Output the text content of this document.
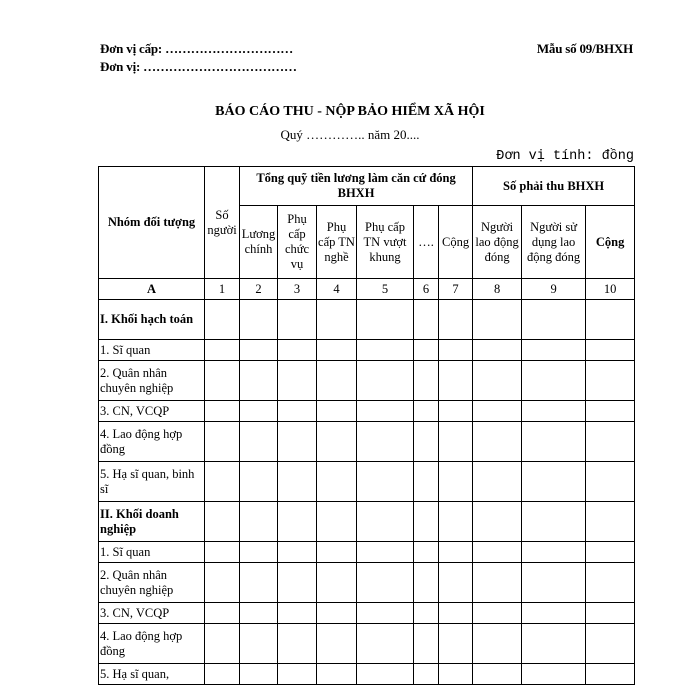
Đơn vị cấp: …………………………
Đơn vị: ………………………………
Mẫu số 09/BHXH
BÁO CÁO THU - NỘP BẢO HIỂM XÃ HỘI
Quý ………….. năm 20....
Đơn vị tính: đồng
Nhóm đối tượng	Số người	Tổng quỹ tiền lương làm căn cứ đóng BHXH						Số phải thu BHXH		
		Lương chính	Phụ cấp chức vụ	Phụ cấp TN nghề	Phụ cấp TN vượt khung	….	Cộng	Người lao động đóng	Người sử dụng lao động đóng	Cộng
A	1	2	3	4	5	6	7	8	9	10
I. Khối hạch toán										
1. Sĩ quan										
2. Quân nhân chuyên nghiệp										
3. CN, VCQP										
4. Lao động hợp đồng										
5. Hạ sĩ quan, binh sĩ										
II. Khối doanh nghiệp										
1. Sĩ quan										
2. Quân nhân chuyên nghiệp										
3. CN, VCQP										
4. Lao động hợp đồng										
5. Hạ sĩ quan,										
